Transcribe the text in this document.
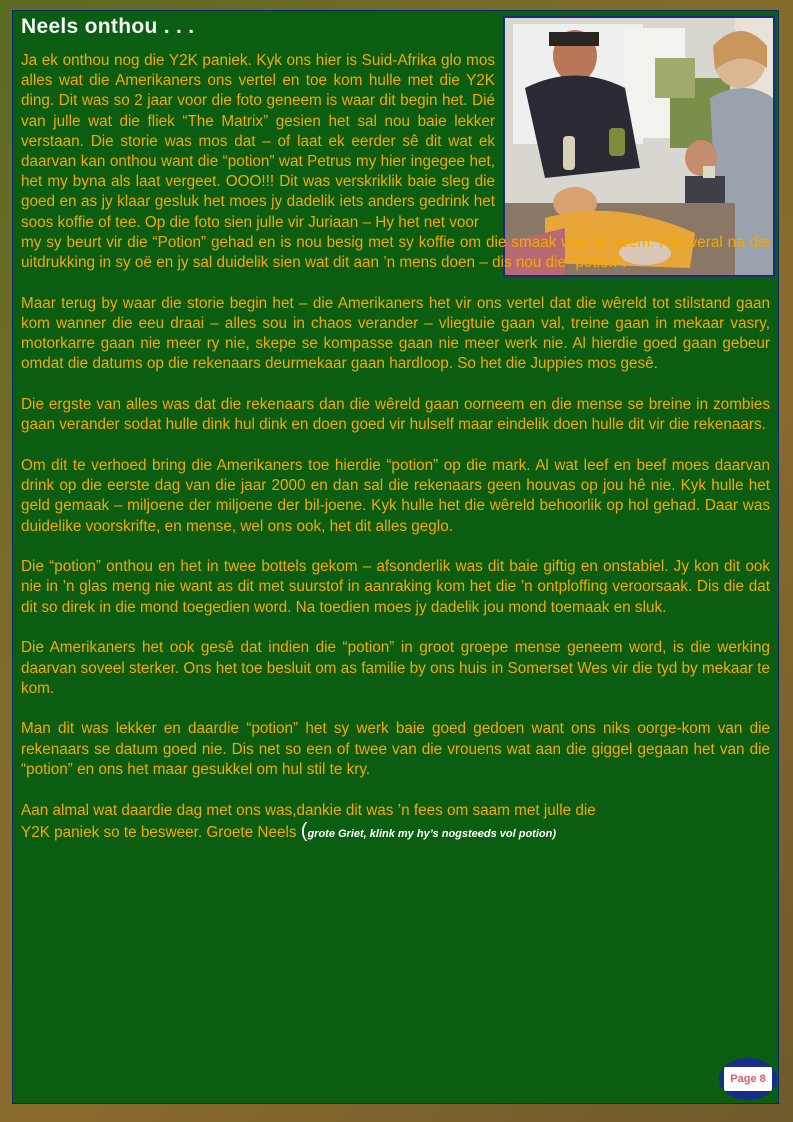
Neels onthou . . .

Ja ek onthou nog die Y2K paniek. Kyk ons hier is Suid-Afrika glo mos alles wat die Amerikaners ons vertel en toe kom hulle met die Y2K ding. Dit was so 2 jaar voor die foto geneem is waar dit begin het. Dié van julle wat die fliek “The Matrix” gesien het sal nou baie lekker verstaan. Die storie was mos dat – of laat ek eerder sê dit wat ek daarvan kan onthou want die “potion” wat Petrus my hier ingegee het, het my byna als laat vergeet. OOO!!! Dit was verskriklik baie sleg die goed en as jy klaar gesluk het moes jy dadelik iets anders gedrink het soos koffie of tee. Op die foto sien julle vir Juriaan – Hy het net voor

my sy beurt vir die “Potion” gehad en is nou besig met sy koffie om die smaak weg te neem. Kyk veral na die uitdrukking in sy oë en jy sal duidelik sien wat dit aan ’n mens doen – dis nou die “potion”.

Maar terug by waar die storie begin het – die Amerikaners het vir ons vertel dat die wêreld tot stilstand gaan kom wanner die eeu draai – alles sou in chaos verander – vliegtuie gaan val, treine gaan in mekaar vasry, motorkarre gaan nie meer ry nie, skepe se kompasse gaan nie meer werk nie. Al hierdie goed gaan gebeur omdat die datums op die rekenaars deurmekaar gaan hardloop. So het die Juppies mos gesê.

Die ergste van alles was dat die rekenaars dan die wêreld gaan oorneem en die mense se breine in zombies gaan verander sodat hulle dink hul dink en doen goed vir hulself maar eindelik doen hulle dit vir die rekenaars.

Om dit te verhoed bring die Amerikaners toe hierdie “potion” op die mark. Al wat leef en beef moes daarvan drink op die eerste dag van die jaar 2000 en dan sal die rekenaars geen houvas op jou hê nie. Kyk hulle het geld gemaak – miljoene der miljoene der bil-joene. Kyk hulle het die wêreld behoorlik op hol gehad. Daar was duidelike voorskrifte, en mense, wel ons ook, het dit alles geglo.

Die “potion” onthou en het in twee bottels gekom – afsonderlik was dit baie giftig en onstabiel. Jy kon dit ook nie in ’n glas meng nie want as dit met suurstof in aanraking kom het die ’n ontploffing veroorsaak. Dis die dat dit so direk in die mond toegedien word. Na toedien moes jy dadelik jou mond toemaak en sluk.

Die Amerikaners het ook gesê dat indien die “potion” in groot groepe mense geneem word, is die werking daarvan soveel sterker. Ons het toe besluit om as familie by ons huis in Somerset Wes vir die tyd by mekaar te kom.

Man dit was lekker en daardie “potion” het sy werk baie goed gedoen want ons niks oorge-kom van die rekenaars se datum goed nie. Dis net so een of twee van die vrouens wat aan die giggel gegaan het van die “potion” en ons het maar gesukkel om hul stil te kry.

Aan almal wat daardie dag met ons was,dankie dit was ’n fees om saam met julle die
Y2K paniek so te besweer. Groete Neels (grote Griet, klink my hy’s nogsteeds vol potion)

Page 8
